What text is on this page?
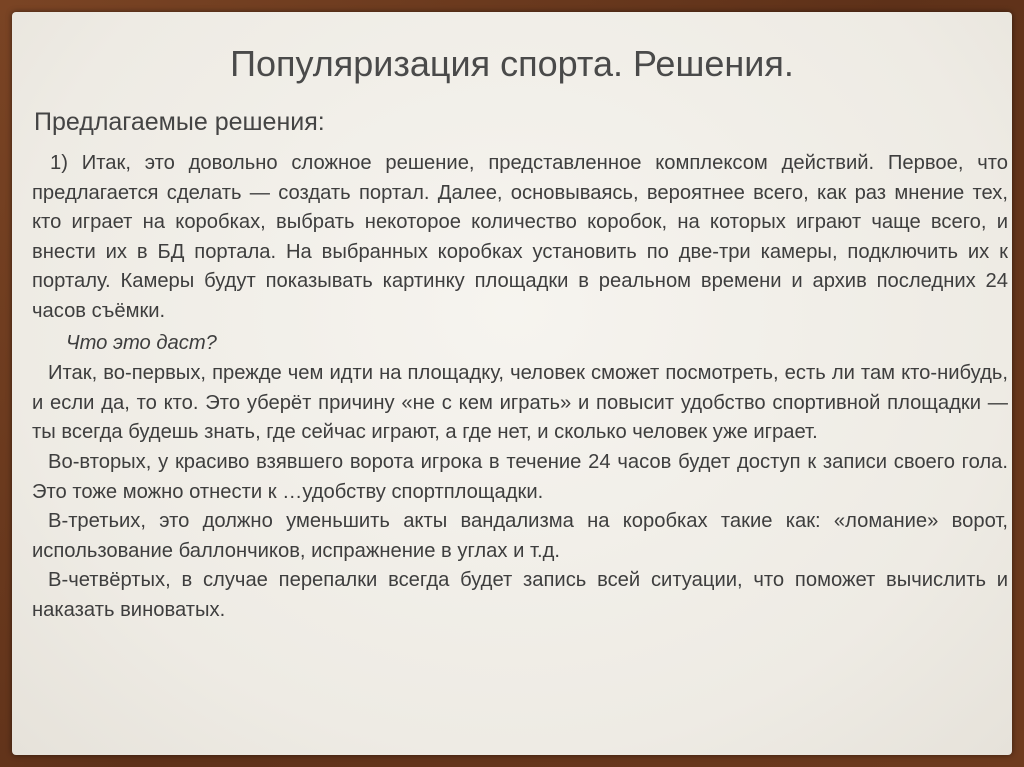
Популяризация спорта. Решения.
Предлагаемые решения:

1) Итак, это довольно сложное решение, представленное комплексом действий. Первое, что предлагается сделать — создать портал. Далее, основываясь, вероятнее всего, как раз мнение тех, кто играет на коробках, выбрать некоторое количество коробок, на которых играют чаще всего, и внести их в БД портала. На выбранных коробках установить по две-три камеры, подключить их к порталу. Камеры будут показывать картинку площадки в реальном времени и архив последних 24 часов съёмки.

Что это даст?

Итак, во-первых, прежде чем идти на площадку, человек сможет посмотреть, есть ли там кто-нибудь, и если да, то кто. Это уберёт причину «не с кем играть» и повысит удобство спортивной площадки — ты всегда будешь знать, где сейчас играют, а где нет, и сколько человек уже играет.

Во-вторых, у красиво взявшего ворота игрока в течение 24 часов будет доступ к записи своего гола. Это тоже можно отнести к …удобству спортплощадки.

В-третьих, это должно уменьшить акты вандализма на коробках такие как: «ломание» ворот, использование баллончиков, испражнение в углах и т.д.

В-четвёртых, в случае перепалки всегда будет запись всей ситуации, что поможет вычислить и наказать виноватых.
